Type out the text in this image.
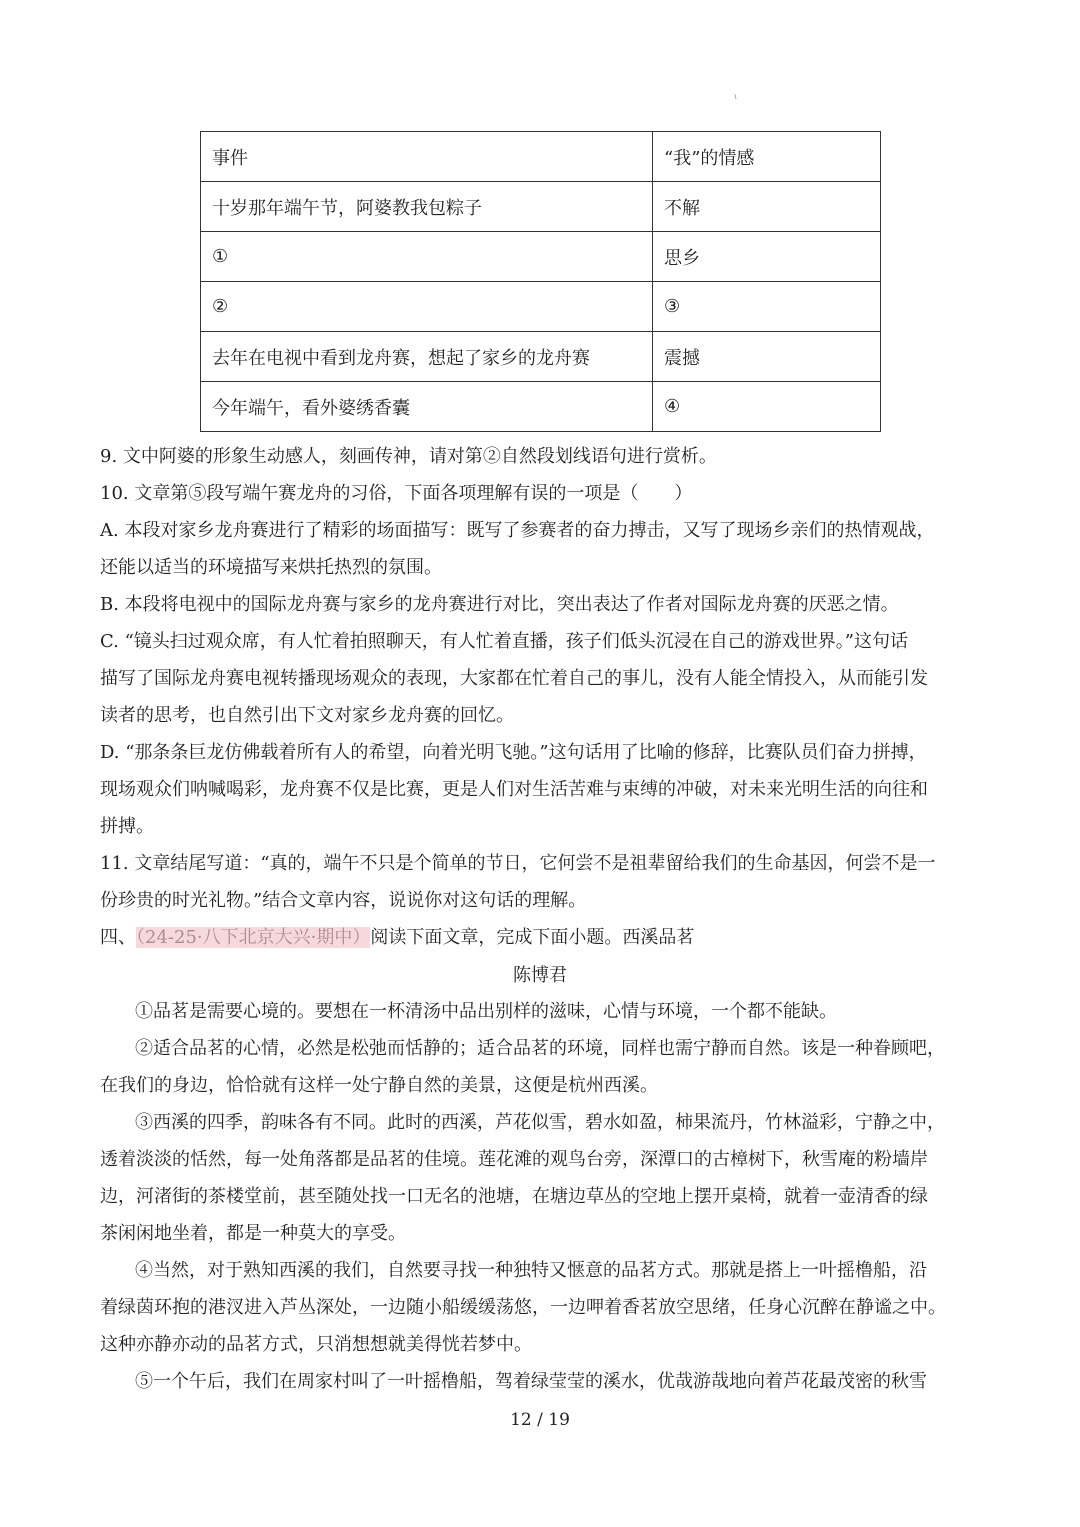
ι
事件	“我”的情感
十岁那年端午节，阿婆教我包粽子	不解
①	思乡
②	③
去年在电视中看到龙舟赛，想起了家乡的龙舟赛	震撼
今年端午，看外婆绣香囊	④
9. 文中阿婆的形象生动感人，刻画传神，请对第②自然段划线语句进行赏析。
10. 文章第⑤段写端午赛龙舟的习俗，下面各项理解有误的一项是（　　）
A. 本段对家乡龙舟赛进行了精彩的场面描写：既写了参赛者的奋力搏击，又写了现场乡亲们的热情观战，
还能以适当的环境描写来烘托热烈的氛围。
B. 本段将电视中的国际龙舟赛与家乡的龙舟赛进行对比，突出表达了作者对国际龙舟赛的厌恶之情。
C. “镜头扫过观众席，有人忙着拍照聊天，有人忙着直播，孩子们低头沉浸在自己的游戏世界。”这句话
描写了国际龙舟赛电视转播现场观众的表现，大家都在忙着自己的事儿，没有人能全情投入，从而能引发
读者的思考，也自然引出下文对家乡龙舟赛的回忆。
D. “那条条巨龙仿佛载着所有人的希望，向着光明飞驰。”这句话用了比喻的修辞，比赛队员们奋力拼搏，
现场观众们呐喊喝彩，龙舟赛不仅是比赛，更是人们对生活苦难与束缚的冲破，对未来光明生活的向往和
拼搏。
11. 文章结尾写道：“真的，端午不只是个简单的节日，它何尝不是祖辈留给我们的生命基因，何尝不是一
份珍贵的时光礼物。”结合文章内容，说说你对这句话的理解。
四、（24-25·八下北京大兴·期中）阅读下面文章，完成下面小题。西溪品茗
陈博君
①品茗是需要心境的。要想在一杯清汤中品出别样的滋味，心情与环境，一个都不能缺。
②适合品茗的心情，必然是松弛而恬静的；适合品茗的环境，同样也需宁静而自然。该是一种眷顾吧，
在我们的身边，恰恰就有这样一处宁静自然的美景，这便是杭州西溪。
③西溪的四季，韵味各有不同。此时的西溪，芦花似雪，碧水如盈，柿果流丹，竹林溢彩，宁静之中，
透着淡淡的恬然，每一处角落都是品茗的佳境。莲花滩的观鸟台旁，深潭口的古樟树下，秋雪庵的粉墙岸
边，河渚街的茶楼堂前，甚至随处找一口无名的池塘，在塘边草丛的空地上摆开桌椅，就着一壶清香的绿
茶闲闲地坐着，都是一种莫大的享受。
④当然，对于熟知西溪的我们，自然要寻找一种独特又惬意的品茗方式。那就是搭上一叶摇橹船，沿
着绿茵环抱的港汊进入芦丛深处，一边随小船缓缓荡悠，一边呷着香茗放空思绪，任身心沉醉在静谧之中。
这种亦静亦动的品茗方式，只消想想就美得恍若梦中。
⑤一个午后，我们在周家村叫了一叶摇橹船，驾着绿莹莹的溪水，优哉游哉地向着芦花最茂密的秋雪
12 / 19
